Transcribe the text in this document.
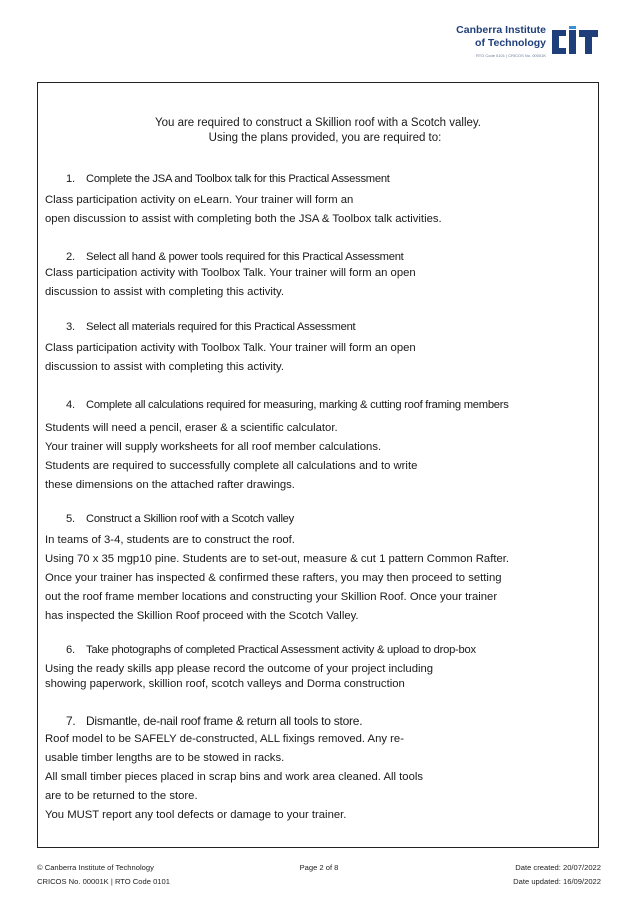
Canberra Institute
of Technology
RTO Code 0101 | CRICOS No. 00001K
You are required to construct a Skillion roof with a Scotch valley.
Using the plans provided, you are required to:
1. Complete the JSA and Toolbox talk for this Practical Assessment
Class participation activity on eLearn. Your trainer will form an
open discussion to assist with completing both the JSA & Toolbox talk activities.
2. Select all hand & power tools required for this Practical Assessment
Class participation activity with Toolbox Talk. Your trainer will form an open
discussion to assist with completing this activity.
3. Select all materials required for this Practical Assessment
Class participation activity with Toolbox Talk. Your trainer will form an open
discussion to assist with completing this activity.
4. Complete all calculations required for measuring, marking & cutting roof framing members
Students will need a pencil, eraser & a scientific calculator.
Your trainer will supply worksheets for all roof member calculations.
Students are required to successfully complete all calculations and to write
these dimensions on the attached rafter drawings.
5. Construct a Skillion roof with a Scotch valley
In teams of 3-4, students are to construct the roof.
Using 70 x 35 mgp10 pine. Students are to set-out, measure & cut 1 pattern Common Rafter.
Once your trainer has inspected & confirmed these rafters, you may then proceed to setting
out the roof frame member locations and constructing your Skillion Roof. Once your trainer
has inspected the Skillion Roof proceed with the Scotch Valley.
6. Take photographs of completed Practical Assessment activity & upload to drop-box
Using the ready skills app please record the outcome of your project including
showing paperwork, skillion roof, scotch valleys and Dorma construction
7. Dismantle, de-nail roof frame & return all tools to store.
Roof model to be SAFELY de-constructed, ALL fixings removed. Any re-
usable timber lengths are to be stowed in racks.
All small timber pieces placed in scrap bins and work area cleaned. All tools
are to be returned to the store.
You MUST report any tool defects or damage to your trainer.
© Canberra Institute of Technology
CRICOS No. 00001K | RTO Code 0101
Page 2 of 8	Date created: 20/07/2022
Date updated: 16/09/2022
